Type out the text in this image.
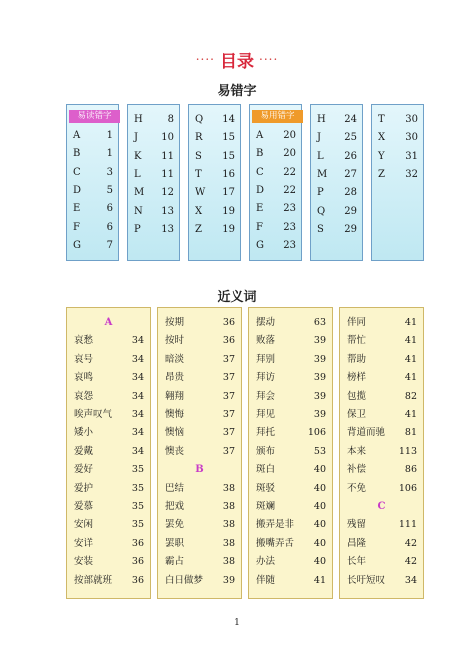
···· 目录 ····
易错字
易读错字
A	1
B	1
C	3
D	5
E	6
F	6
G	7
H 8
J 10
K 11
L 11
M 12
N 13
P 13
Q 14
R 15
S 15
T 16
W 17
X 19
Z 19
易用错字
A 20
B 20
C 22
D 22
E 23
F 23
G 23
H 24
J 25
L 26
M 27
P 28
Q 29
S 29
T 30
X 30
Y 31
Z 32
近义词
A
哀愁	34
哀号	34
哀鸣	34
哀怨	34
唉声叹气 34
矮小	34
爱戴	34
爱好	35
爱护	35
爱慕	35
安闲	35
安详	36
安装	36
按部就班 36
按期	36
按时	36
暗淡	37
昂贵	37
翱翔	37
懊悔	37
懊恼	37
懊丧	37
B
巴结	38
把戏	38
罢免	38
罢职	38
霸占	38
白日做梦 39
摆动	63
败落	39
拜别	39
拜访	39
拜会	39
拜见	39
拜托	106
颁布	53
斑白	40
斑驳	40
斑斓	40
搬弄是非 40
搬嘴弄舌 40
办法	40
伴随	41
伴同	41
帮忙	41
帮助	41
榜样	41
包揽	82
保卫	41
背道而驰 81
本来	113
补偿	86
不免	106
C
残留	111
昌隆	42
长年	42
长吁短叹 34
1
